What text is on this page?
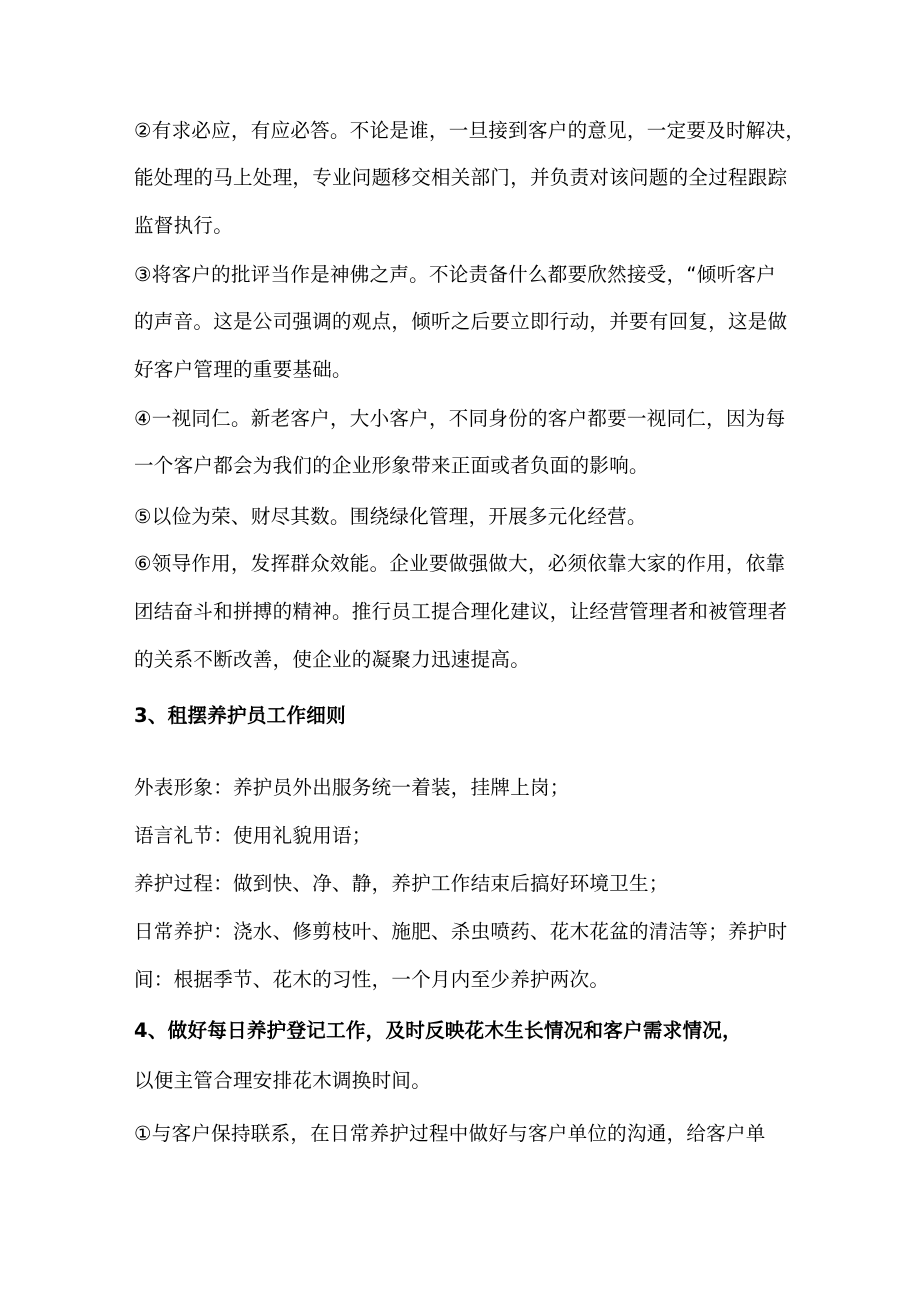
②有求必应，有应必答。不论是谁，一旦接到客户的意见，一定要及时解决，
能处理的马上处理，专业问题移交相关部门，并负责对该问题的全过程跟踪
监督执行。
③将客户的批评当作是神佛之声。不论责备什么都要欣然接受，“倾听客户
的声音。这是公司强调的观点，倾听之后要立即行动，并要有回复，这是做
好客户管理的重要基础。
④一视同仁。新老客户，大小客户，不同身份的客户都要一视同仁，因为每
一个客户都会为我们的企业形象带来正面或者负面的影响。
⑤以俭为荣、财尽其数。围绕绿化管理，开展多元化经营。
⑥领导作用，发挥群众效能。企业要做强做大，必须依靠大家的作用，依靠
团结奋斗和拼搏的精神。推行员工提合理化建议，让经营管理者和被管理者
的关系不断改善，使企业的凝聚力迅速提高。
3、租摆养护员工作细则
外表形象：养护员外出服务统一着装，挂牌上岗；
语言礼节：使用礼貌用语；
养护过程：做到快、净、静，养护工作结束后搞好环境卫生；
日常养护：浇水、修剪枝叶、施肥、杀虫喷药、花木花盆的清洁等；养护时
间：根据季节、花木的习性，一个月内至少养护两次。
4、做好每日养护登记工作，及时反映花木生长情况和客户需求情况，
以便主管合理安排花木调换时间。
①与客户保持联系，在日常养护过程中做好与客户单位的沟通，给客户单
